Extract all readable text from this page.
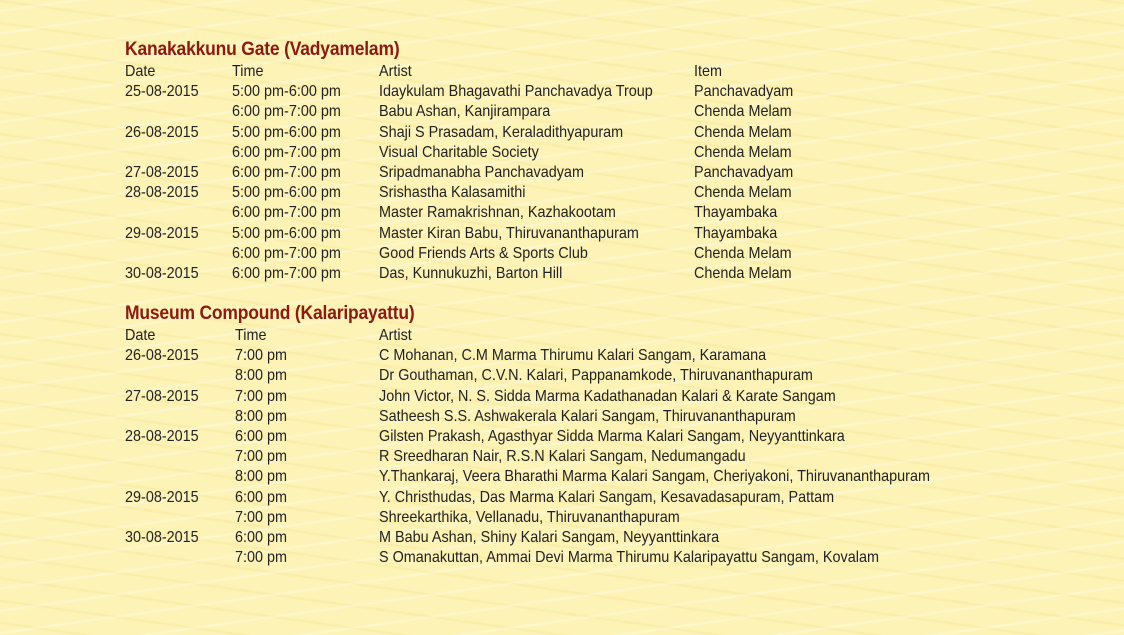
Kanakakkunu Gate (Vadyamelam)
Date	Time	Artist	Item
25-08-2015 5:00 pm-6:00 pm Idaykulam Bhagavathi Panchavadya Troup	Panchavadyam
6:00 pm-7:00 pm Babu Ashan, Kanjirampara	Chenda Melam
26-08-2015 5:00 pm-6:00 pm Shaji S Prasadam, Keraladithyapuram	Chenda Melam
6:00 pm-7:00 pm Visual Charitable Society	Chenda Melam
27-08-2015 6:00 pm-7:00 pm Sripadmanabha Panchavadyam	Panchavadyam
28-08-2015 5:00 pm-6:00 pm Srishastha Kalasamithi	Chenda Melam
6:00 pm-7:00 pm Master Ramakrishnan, Kazhakootam	Thayambaka
29-08-2015 5:00 pm-6:00 pm Master Kiran Babu, Thiruvananthapuram	Thayambaka
6:00 pm-7:00 pm Good Friends Arts & Sports Club	Chenda Melam
30-08-2015 6:00 pm-7:00 pm Das, Kunnukuzhi, Barton Hill	Chenda Melam
Museum Compound (Kalaripayattu)
Date	Time	Artist
26-08-2015 7:00 pm	C Mohanan, C.M Marma Thirumu Kalari Sangam, Karamana
8:00 pm	Dr Gouthaman, C.V.N. Kalari, Pappanamkode, Thiruvananthapuram
27-08-2015 7:00 pm	John Victor, N. S. Sidda Marma Kadathanadan Kalari & Karate Sangam
8:00 pm	Satheesh S.S. Ashwakerala Kalari Sangam, Thiruvananthapuram
28-08-2015 6:00 pm	Gilsten Prakash, Agasthyar Sidda Marma Kalari Sangam, Neyyanttinkara
7:00 pm	R Sreedharan Nair, R.S.N Kalari Sangam, Nedumangadu
8:00 pm	Y.Thankaraj, Veera Bharathi Marma Kalari Sangam, Cheriyakoni, Thiruvananthapuram
29-08-2015 6:00 pm	Y. Christhudas, Das Marma Kalari Sangam, Kesavadasapuram, Pattam
7:00 pm	Shreekarthika, Vellanadu, Thiruvananthapuram
30-08-2015 6:00 pm	M Babu Ashan, Shiny Kalari Sangam, Neyyanttinkara
7:00 pm	S Omanakuttan, Ammai Devi Marma Thirumu Kalaripayattu Sangam, Kovalam
